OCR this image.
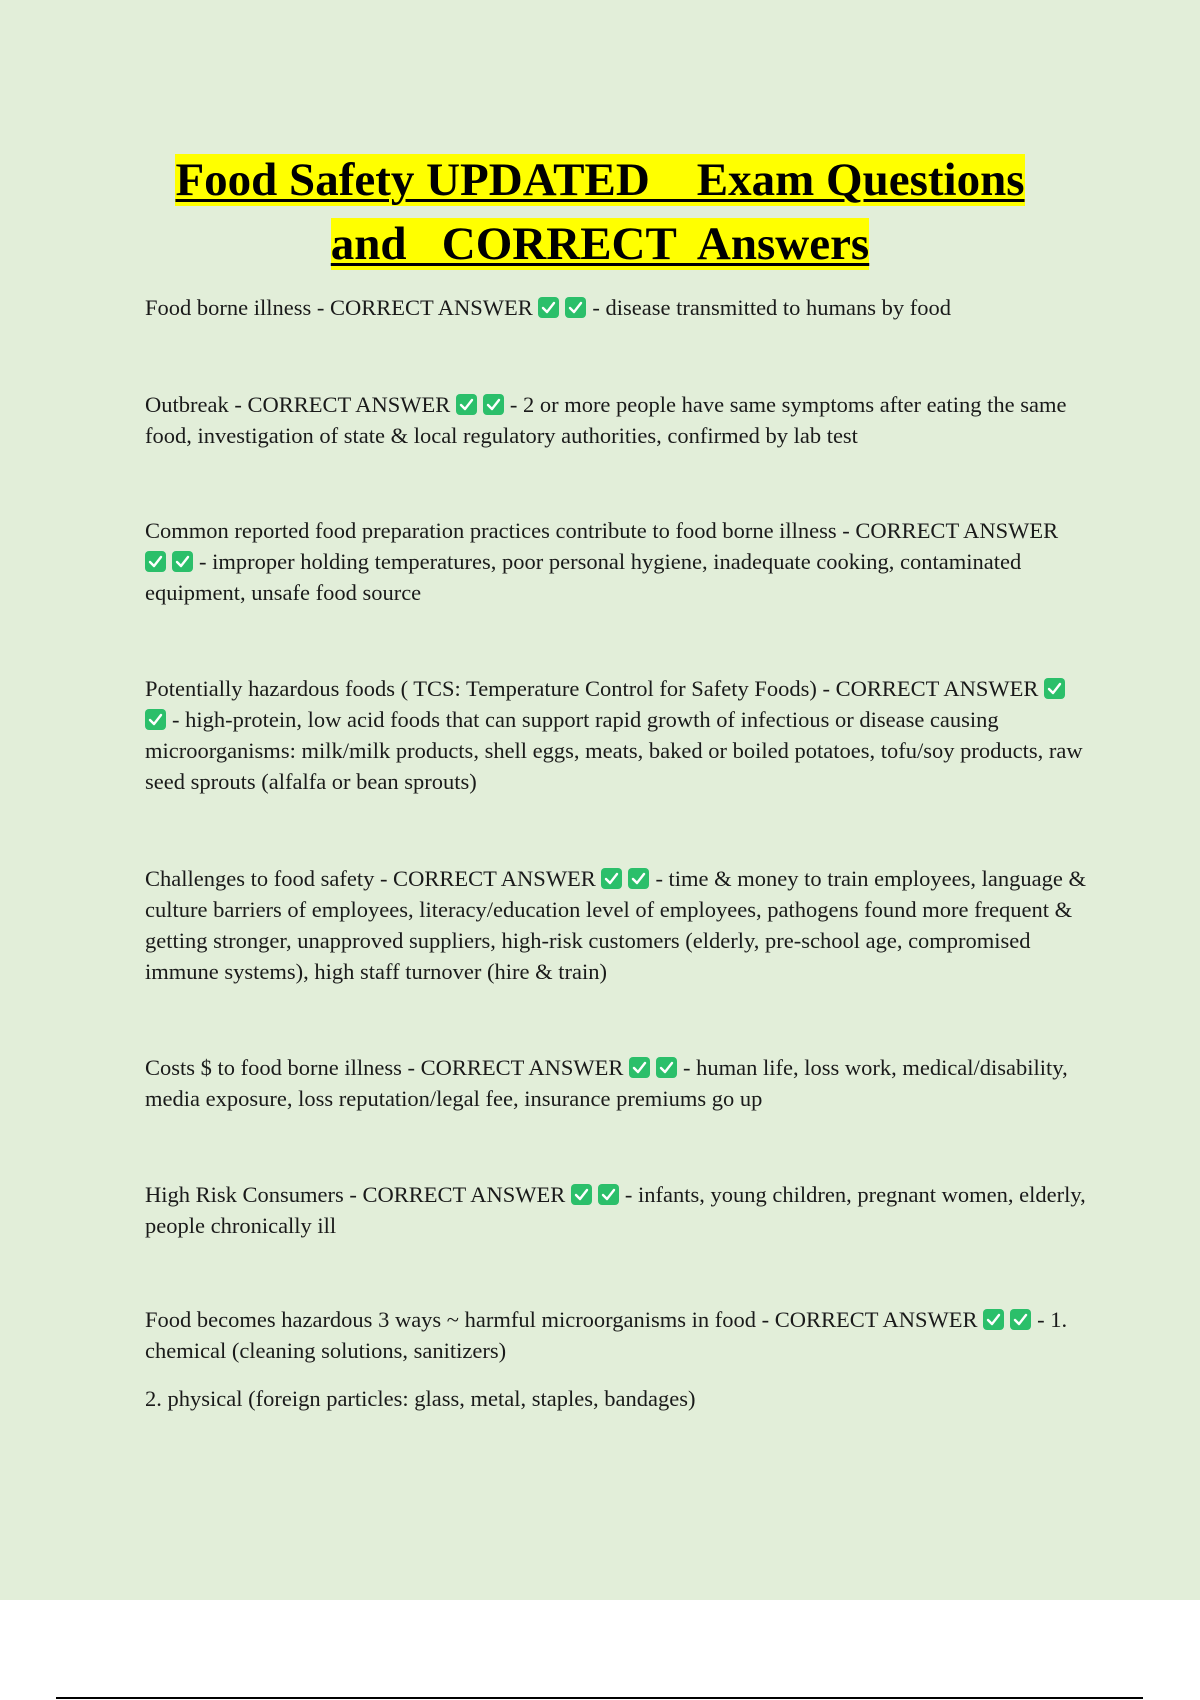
Food Safety UPDATED    Exam Questions
and   CORRECT  Answers

Food borne illness - CORRECT ANSWER	- disease transmitted to humans by food

Outbreak - CORRECT ANSWER	- 2 or more people have same symptoms after eating the same food, investigation of state & local regulatory authorities, confirmed by lab test

Common reported food preparation practices contribute to food borne illness - CORRECT ANSWER
- improper holding temperatures, poor personal hygiene, inadequate cooking, contaminated equipment, unsafe food source

Potentially hazardous foods ( TCS: Temperature Control for Safety Foods) - CORRECT ANSWER
- high-protein, low acid foods that can support rapid growth of infectious or disease causing microorganisms: milk/milk products, shell eggs, meats, baked or boiled potatoes, tofu/soy products, raw seed sprouts (alfalfa or bean sprouts)

Challenges to food safety - CORRECT ANSWER	- time & money to train employees, language & culture barriers of employees, literacy/education level of employees, pathogens found more frequent & getting stronger, unapproved suppliers, high-risk customers (elderly, pre-school age, compromised immune systems), high staff turnover (hire & train)

Costs $ to food borne illness - CORRECT ANSWER	- human life, loss work, medical/disability, media exposure, loss reputation/legal fee, insurance premiums go up

High Risk Consumers - CORRECT ANSWER	- infants, young children, pregnant women, elderly, people chronically ill

Food becomes hazardous 3 ways ~ harmful microorganisms in food - CORRECT ANSWER	- 1. chemical (cleaning solutions, sanitizers)

2. physical (foreign particles: glass, metal, staples, bandages)
